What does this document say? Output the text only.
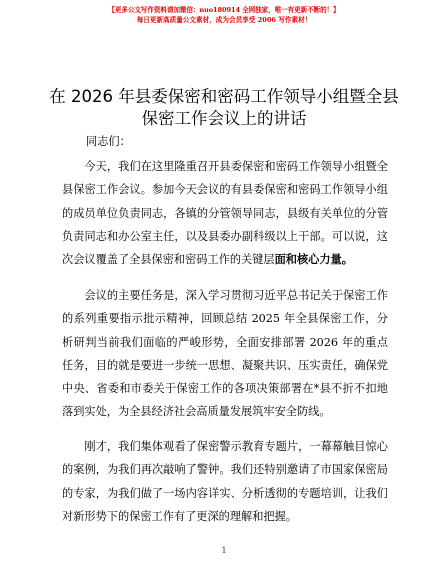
【更多公文写作资料请加微信：nuo180914 全网独家，唯一有更新不断的！】
每日更新高质量公文素材，成为会员享受 2006 写作素材！
在 2026 年县委保密和密码工作领导小组暨全县
保密工作会议上的讲话
同志们：
今天，我们在这里隆重召开县委保密和密码工作领导小组暨全县保密工作会议。参加今天会议的有县委保密和密码工作领导小组的成员单位负责同志，各镇的分管领导同志，县级有关单位的分管负责同志和办公室主任，以及县委办副科级以上干部。可以说，这次会议覆盖了全县保密和密码工作的关键层面和核心力量。
会议的主要任务是，深入学习贯彻习近平总书记关于保密工作的系列重要指示批示精神，回顾总结 2025 年全县保密工作，分析研判当前我们面临的严峻形势，全面安排部署 2026 年的重点任务，目的就是要进一步统一思想、凝聚共识、压实责任，确保党中央、省委和市委关于保密工作的各项决策部署在*县不折不扣地落到实处，为全县经济社会高质量发展筑牢安全防线。
刚才，我们集体观看了保密警示教育专题片，一幕幕触目惊心的案例，为我们再次敲响了警钟。我们还特别邀请了市国家保密局的专家，为我们做了一场内容详实、分析透彻的专题培训，让我们对新形势下的保密工作有了更深的理解和把握。
1
